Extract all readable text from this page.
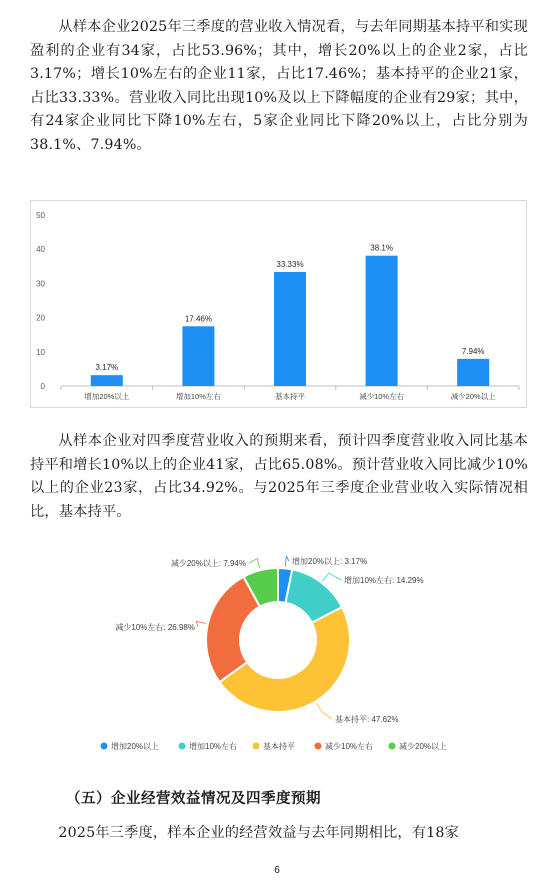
从样本企业2025年三季度的营业收入情况看，与去年同期基本持平和实现盈利的企业有34家，占比53.96%；其中，增长20%以上的企业2家，占比3.17%；增长10%左右的企业11家，占比17.46%；基本持平的企业21家，占比33.33%。营业收入同比出现10%及以上下降幅度的企业有29家；其中，有24家企业同比下降10%左右，5家企业同比下降20%以上，占比分别为38.1%、7.94%。
0
10
20
30
40
50
3.17%
增加20%以上
17.46%
增加10%左右
33.33%
基本持平
38.1%
减少10%左右
7.94%
减少20%以上
从样本企业对四季度营业收入的预期来看，预计四季度营业收入同比基本持平和增长10%以上的企业41家，占比65.08%。预计营业收入同比减少10%以上的企业23家，占比34.92%。与2025年三季度企业营业收入实际情况相比，基本持平。
增加20%以上: 3.17%
增加10%左右: 14.29%
基本持平: 47.62%
减少10%左右: 26.98%
减少20%以上: 7.94%
增加20%以上	增加10%左右	基本持平	减少10%左右	减少20%以上
（五）企业经营效益情况及四季度预期
2025年三季度，样本企业的经营效益与去年同期相比，有18家
6
